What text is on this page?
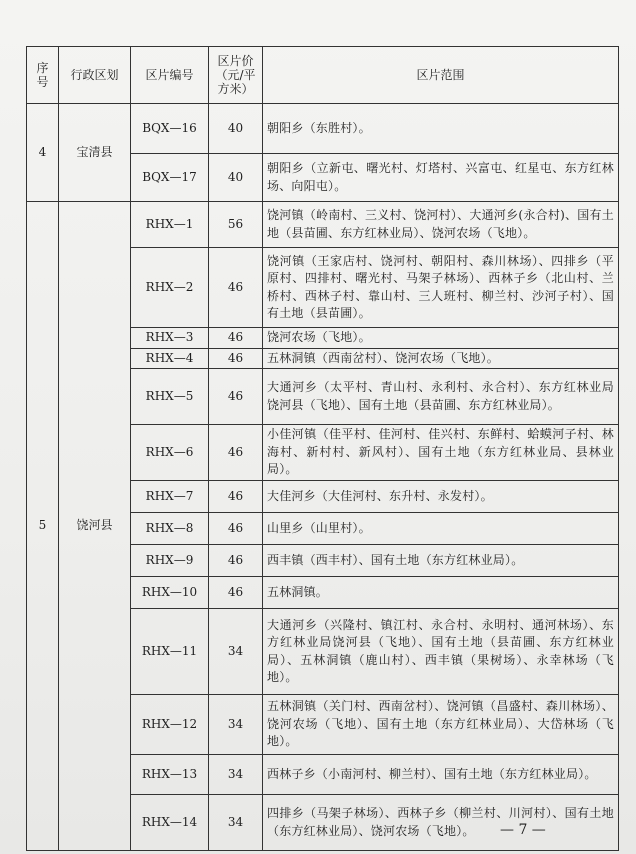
序号	行政区划	区片编号	区片价（元/平方米）	区片范围
4	宝清县	BQX—16	40	朝阳乡（东胜村）。
		BQX—17	40	朝阳乡（立新屯、曙光村、灯塔村、兴富屯、红星屯、东方红林场、向阳屯）。
5	饶河县	RHX—1	56	饶河镇（岭南村、三义村、饶河村）、大通河乡(永合村)、国有土地（县苗圃、东方红林业局）、饶河农场（飞地）。
		RHX—2	46	饶河镇（王家店村、饶河村、朝阳村、森川林场）、四排乡（平原村、四排村、曙光村、马架子林场）、西林子乡（北山村、兰桥村、西林子村、靠山村、三人班村、柳兰村、沙河子村）、国有土地（县苗圃）。
		RHX—3	46	饶河农场（飞地）。
		RHX—4	46	五林洞镇（西南岔村）、饶河农场（飞地）。
		RHX—5	46	大通河乡（太平村、青山村、永利村、永合村）、东方红林业局饶河县（飞地）、国有土地（县苗圃、东方红林业局）。
		RHX—6	46	小佳河镇（佳平村、佳河村、佳兴村、东鲜村、蛤蟆河子村、林海村、新村村、新风村）、国有土地（东方红林业局、县林业局）。
		RHX—7	46	大佳河乡（大佳河村、东升村、永发村）。
		RHX—8	46	山里乡（山里村）。
		RHX—9	46	西丰镇（西丰村）、国有土地（东方红林业局）。
		RHX—10	46	五林洞镇。
		RHX—11	34	大通河乡（兴隆村、镇江村、永合村、永明村、通河林场）、东方红林业局饶河县（飞地）、国有土地（县苗圃、东方红林业局）、五林洞镇（鹿山村）、西丰镇（果树场）、永幸林场（飞地）。
		RHX—12	34	五林洞镇（关门村、西南岔村）、饶河镇（昌盛村、森川林场）、饶河农场（飞地）、国有土地（东方红林业局）、大岱林场（飞地）。
		RHX—13	34	西林子乡（小南河村、柳兰村）、国有土地（东方红林业局）。
		RHX—14	34	四排乡（马架子林场）、西林子乡（柳兰村、川河村）、国有土地（东方红林业局）、饶河农场（飞地）。 — 7 —
